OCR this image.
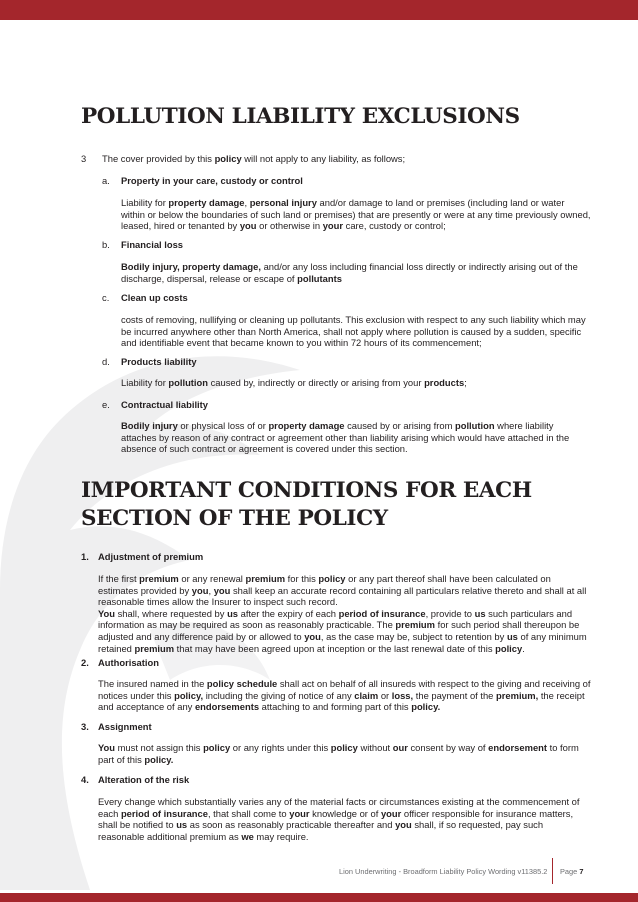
POLLUTION LIABILITY EXCLUSIONS
3 The cover provided by this policy will not apply to any liability, as follows;

a. Property in your care, custody or control

Liability for property damage, personal injury and/or damage to land or premises (including land or water within or below the boundaries of such land or premises) that are presently or were at any time previously owned, leased, hired or tenanted by you or otherwise in your care, custody or control;

b. Financial loss

Bodily injury, property damage, and/or any loss including financial loss directly or indirectly arising out of the discharge, dispersal, release or escape of pollutants

c. Clean up costs

costs of removing, nullifying or cleaning up pollutants. This exclusion with respect to any such liability which may be incurred anywhere other than North America, shall not apply where pollution is caused by a sudden, specific and identifiable event that became known to you within 72 hours of its commencement;

d. Products liability

Liability for pollution caused by, indirectly or directly or arising from your products;

e. Contractual liability

Bodily injury or physical loss of or property damage caused by or arising from pollution where liability attaches by reason of any contract or agreement other than liability arising which would have attached in the absence of such contract or agreement is covered under this section.

IMPORTANT CONDITIONS FOR EACH SECTION OF THE POLICY
1. Adjustment of premium

If the first premium or any renewal premium for this policy or any part thereof shall have been calculated on estimates provided by you, you shall keep an accurate record containing all particulars relative thereto and shall at all reasonable times allow the Insurer to inspect such record.
You shall, where requested by us after the expiry of each period of insurance, provide to us such particulars and information as may be required as soon as reasonably practicable. The premium for such period shall thereupon be adjusted and any difference paid by or allowed to you, as the case may be, subject to retention by us of any minimum retained premium that may have been agreed upon at inception or the last renewal date of this policy.

2. Authorisation

The insured named in the policy schedule shall act on behalf of all insureds with respect to the giving and receiving of notices under this policy, including the giving of notice of any claim or loss, the payment of the premium, the receipt and acceptance of any endorsements attaching to and forming part of this policy.

3. Assignment

You must not assign this policy or any rights under this policy without our consent by way of endorsement to form part of this policy.

4. Alteration of the risk

Every change which substantially varies any of the material facts or circumstances existing at the commencement of each period of insurance, that shall come to your knowledge or of your officer responsible for insurance matters, shall be notified to us as soon as reasonably practicable thereafter and you shall, if so requested, pay such reasonable additional premium as we may require.

Lion Underwriting - Broadform Liability Policy Wording v11385.2 Page 7
